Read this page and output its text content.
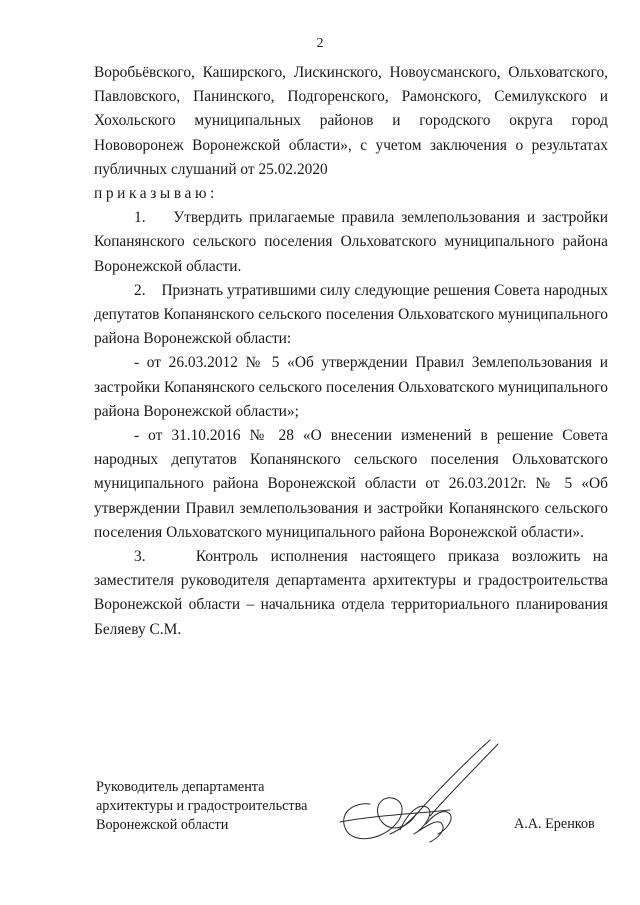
2

Воробьёвского, Каширского, Лискинского, Новоусманского, Ольховатского, Павловского, Панинского, Подгоренского, Рамонского, Семилукского и Хохольского муниципальных районов и городского округа город Нововоронеж Воронежской области», с учетом заключения о результатах публичных слушаний от 25.02.2020

приказываю:

1.    Утвердить прилагаемые правила землепользования и застройки Копанянского сельского поселения Ольховатского муниципального района Воронежской области.

2.    Признать утратившими силу следующие решения Совета народных депутатов Копанянского сельского поселения Ольховатского муниципального района Воронежской области:

- от 26.03.2012 № 5 «Об утверждении Правил Землепользования и застройки Копанянского сельского поселения Ольховатского муниципального района Воронежской области»;

- от 31.10.2016 № 28 «О внесении изменений в решение Совета народных депутатов Копанянского сельского поселения Ольховатского муниципального района Воронежской области от 26.03.2012г. № 5 «Об утверждении Правил землепользования и застройки Копанянского сельского поселения Ольховатского муниципального района Воронежской области».

3.    Контроль исполнения настоящего приказа возложить на заместителя руководителя департамента архитектуры и градостроительства Воронежской области – начальника отдела территориального планирования Беляеву С.М.

Руководитель департамента
архитектуры и градостроительства
Воронежской области	А.А. Еренков
